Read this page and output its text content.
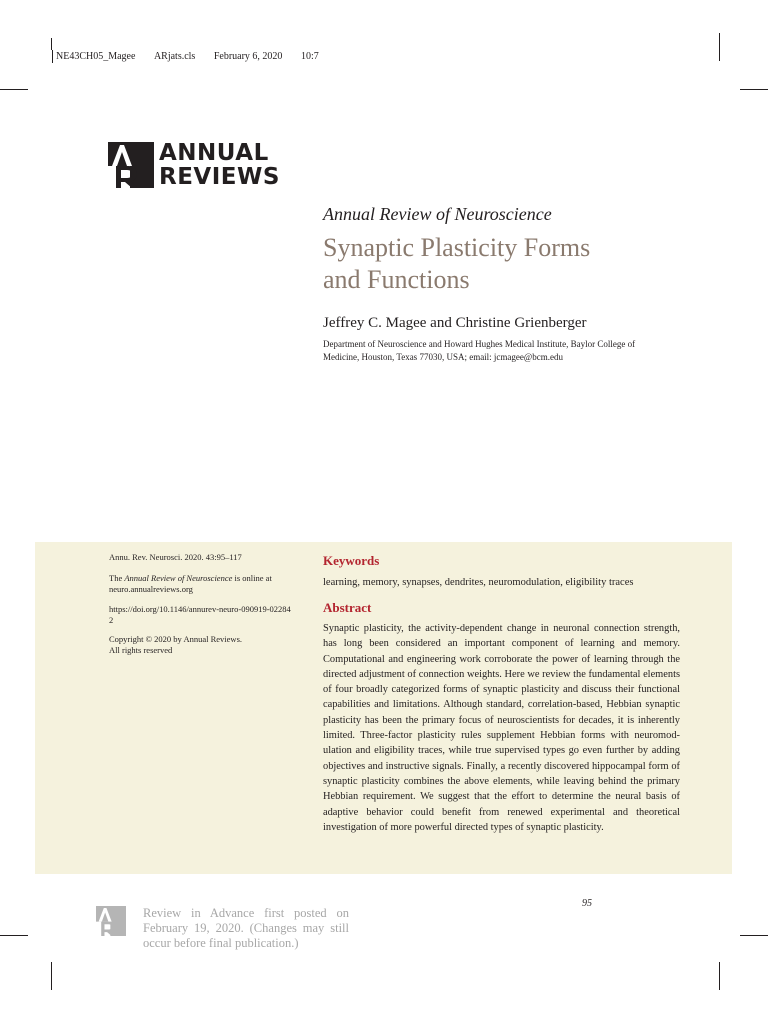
NE43CH05_Magee ARjats.cls February 6, 2020 10:7
ANNUAL
REVIEWS
Annual Review of Neuroscience
Synaptic Plasticity Forms
and Functions
Jeffrey C. Magee and Christine Grienberger
Department of Neuroscience and Howard Hughes Medical Institute, Baylor College of Medicine, Houston, Texas 77030, USA; email: jcmagee@bcm.edu
Annu. Rev. Neurosci. 2020. 43:95–117
The Annual Review of Neuroscience is online at neuro.annualreviews.org
https://doi.org/10.1146/annurev-neuro-090919-022842

Copyright © 2020 by Annual Reviews.

All rights reserved

Keywords
learning, memory, synapses, dendrites, neuromodulation, eligibility traces
Abstract
Synaptic plasticity, the activity-dependent change in neuronal connection strength, has long been considered an important component of learning and memory. Computational and engineering work corroborate the power of learning through the directed adjustment of connection weights. Here we review the fundamental elements of four broadly categorized forms of synaptic plasticity and discuss their functional capabilities and limitations. Although standard, correlation-based, Hebbian synaptic plasticity has been the primary focus of neuroscientists for decades, it is inherently limited. Three-factor plasticity rules supplement Hebbian forms with neuromodulation and eligibility traces, while true supervised types go even further by adding objectives and instructive signals. Finally, a recently discovered hippocampal form of synaptic plasticity combines the above elements, while leaving behind the primary Hebbian requirement. We suggest that the effort to determine the neural basis of adaptive behavior could benefit from renewed experimental and theoretical investigation of more powerful directed types of synaptic plasticity.
95
Review in Advance first posted on February 19, 2020. (Changes may still occur before final publication.)
